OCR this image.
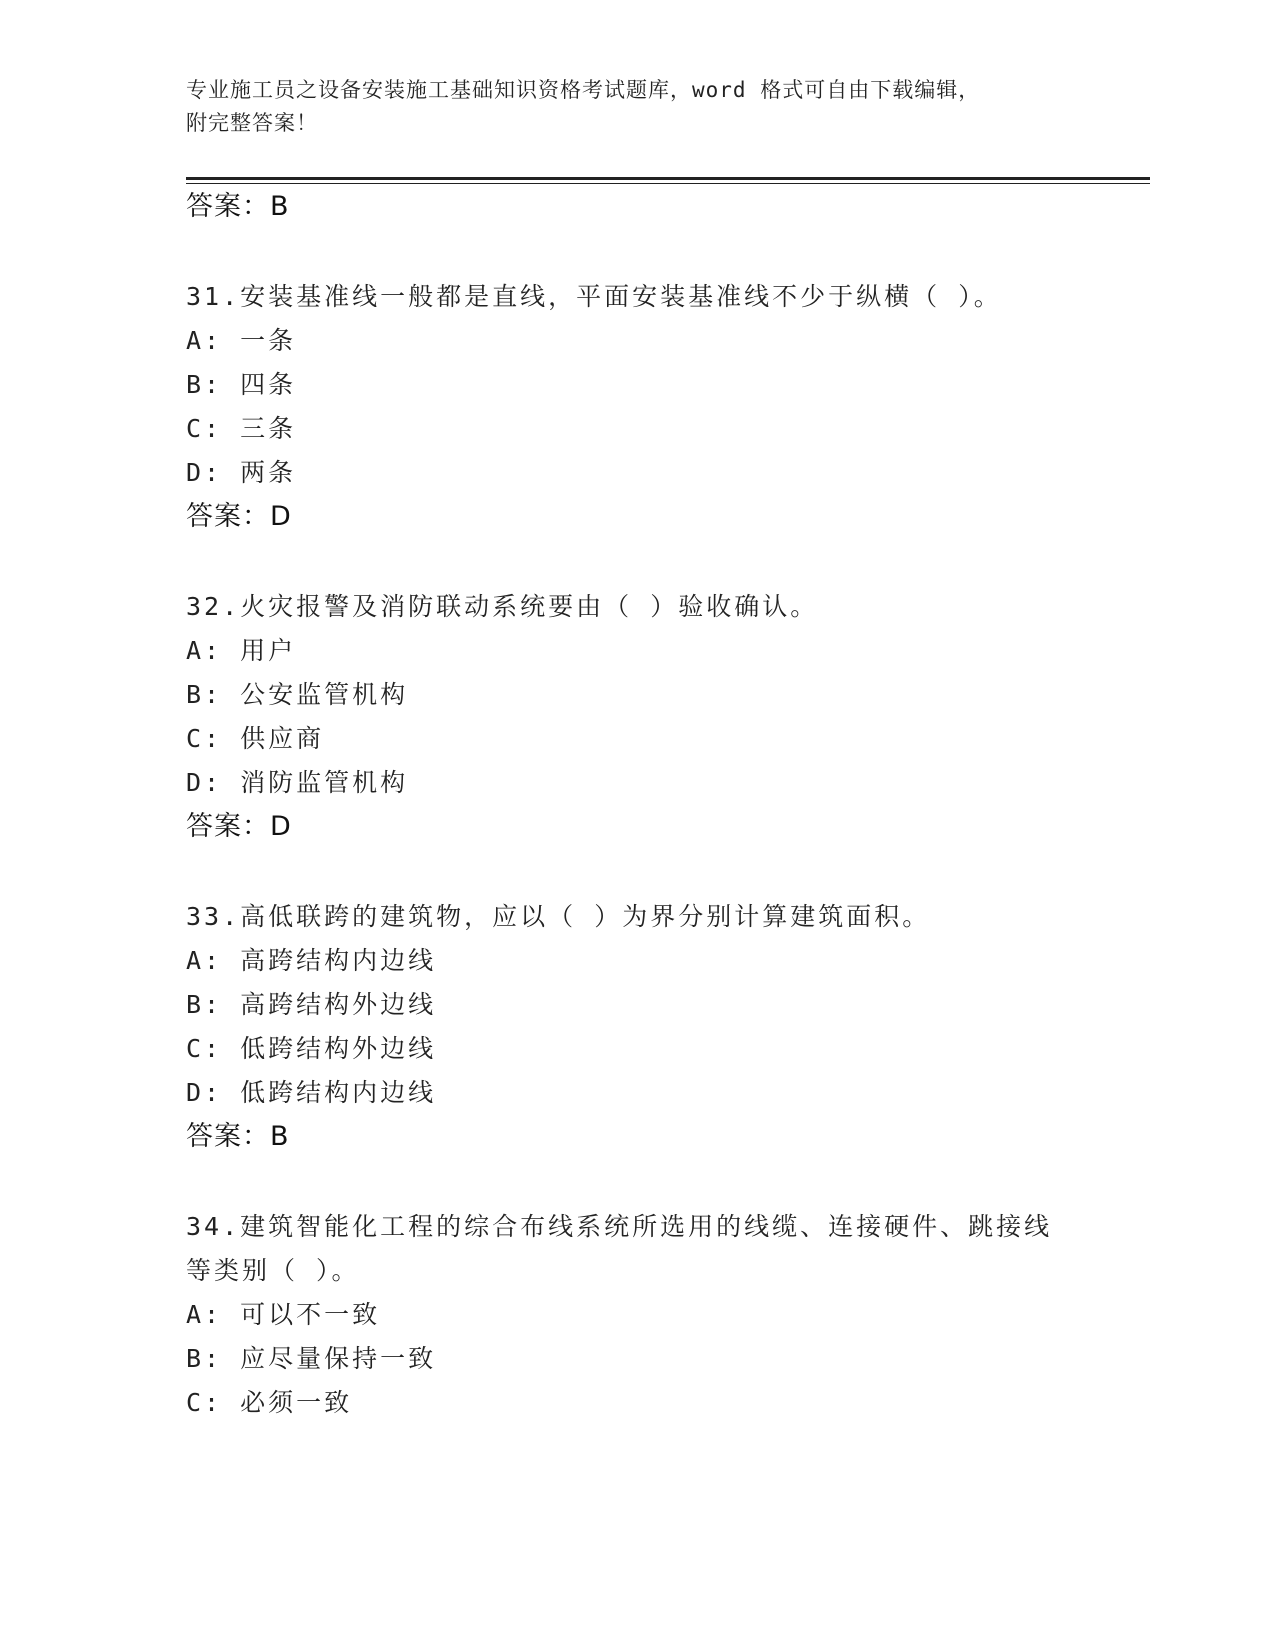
专业施工员之设备安装施工基础知识资格考试题库，word 格式可自由下载编辑，
附完整答案！
答案：B
31.安装基准线一般都是直线，平面安装基准线不少于纵横（ ）。
A: 一条
B: 四条
C: 三条
D: 两条
答案：D
32.火灾报警及消防联动系统要由（ ）验收确认。
A: 用户
B: 公安监管机构
C: 供应商
D: 消防监管机构
答案：D
33.高低联跨的建筑物，应以（ ）为界分别计算建筑面积。
A: 高跨结构内边线
B: 高跨结构外边线
C: 低跨结构外边线
D: 低跨结构内边线
答案：B
34.建筑智能化工程的综合布线系统所选用的线缆、连接硬件、跳接线
等类别（ ）。
A: 可以不一致
B: 应尽量保持一致
C: 必须一致
